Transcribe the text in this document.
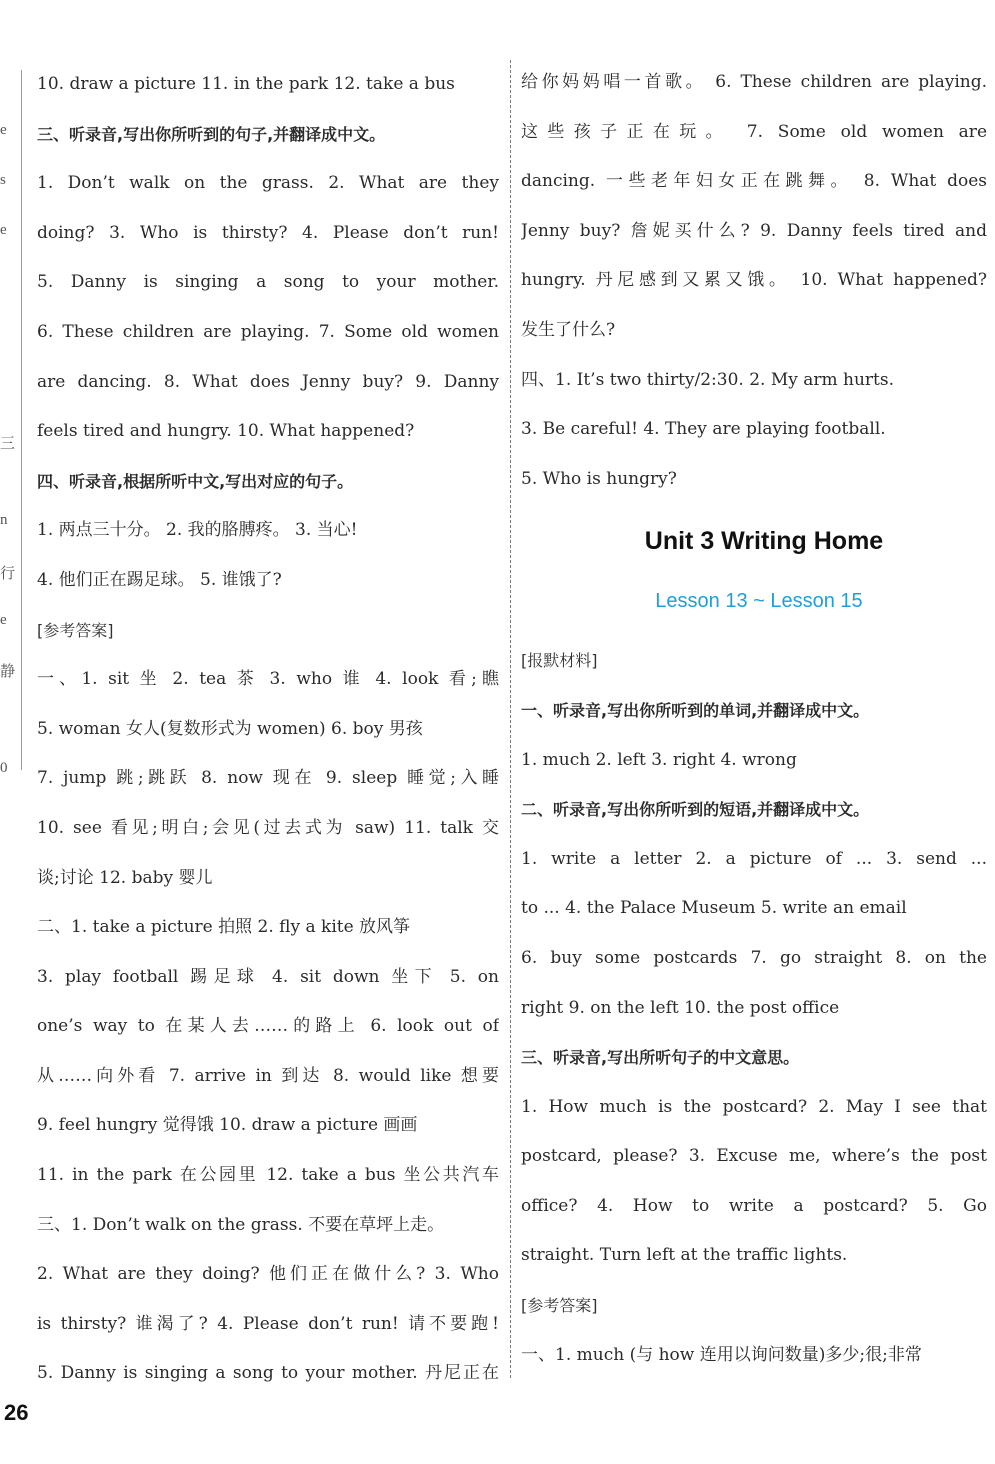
e
s
e
三
n
行
e
静
0
10. draw a picture 11. in the park 12. take a bus
三、听录音,写出你所听到的句子,并翻译成中文。
1. Don’t walk on the grass. 2. What are they
doing? 3. Who is thirsty? 4. Please don’t run!
5. Danny is singing a song to your mother.
6. These children are playing. 7. Some old women
are dancing. 8. What does Jenny buy? 9. Danny
feels tired and hungry. 10. What happened?
四、听录音,根据所听中文,写出对应的句子。
1. 两点三十分。 2. 我的胳膊疼。 3. 当心!
4. 他们正在踢足球。 5. 谁饿了?
[参考答案]
一、1. sit 坐 2. tea 茶 3. who 谁 4. look 看;瞧
5. woman 女人(复数形式为 women) 6. boy 男孩
7. jump 跳;跳跃 8. now 现在 9. sleep 睡觉;入睡
10. see 看见;明白;会见(过去式为 saw) 11. talk 交
谈;讨论 12. baby 婴儿
二、1. take a picture 拍照 2. fly a kite 放风筝
3. play football 踢足球 4. sit down 坐下 5. on
one’s way to 在某人去……的路上 6. look out of
从……向外看 7. arrive in 到达 8. would like 想要
9. feel hungry 觉得饿 10. draw a picture 画画
11. in the park 在公园里 12. take a bus 坐公共汽车
三、1. Don’t walk on the grass. 不要在草坪上走。
2. What are they doing? 他们正在做什么? 3. Who
is thirsty? 谁渴了? 4. Please don’t run! 请不要跑!
5. Danny is singing a song to your mother. 丹尼正在
给你妈妈唱一首歌。 6. These children are playing.
这些孩子正在玩。 7. Some old women are
dancing. 一些老年妇女正在跳舞。 8. What does
Jenny buy? 詹妮买什么? 9. Danny feels tired and
hungry. 丹尼感到又累又饿。 10. What happened?
发生了什么?
四、1. It’s two thirty/2:30. 2. My arm hurts.
3. Be careful! 4. They are playing football.
5. Who is hungry?
Unit 3 Writing Home
Lesson 13 ~ Lesson 15
[报默材料]
一、听录音,写出你所听到的单词,并翻译成中文。
1. much 2. left 3. right 4. wrong
二、听录音,写出你所听到的短语,并翻译成中文。
1. write a letter 2. a picture of ... 3. send ...
to ... 4. the Palace Museum 5. write an email
6. buy some postcards 7. go straight 8. on the
right 9. on the left 10. the post office
三、听录音,写出所听句子的中文意思。
1. How much is the postcard? 2. May I see that
postcard, please? 3. Excuse me, where’s the post
office? 4. How to write a postcard? 5. Go
straight. Turn left at the traffic lights.
[参考答案]
一、1. much (与 how 连用以询问数量)多少;很;非常
26
